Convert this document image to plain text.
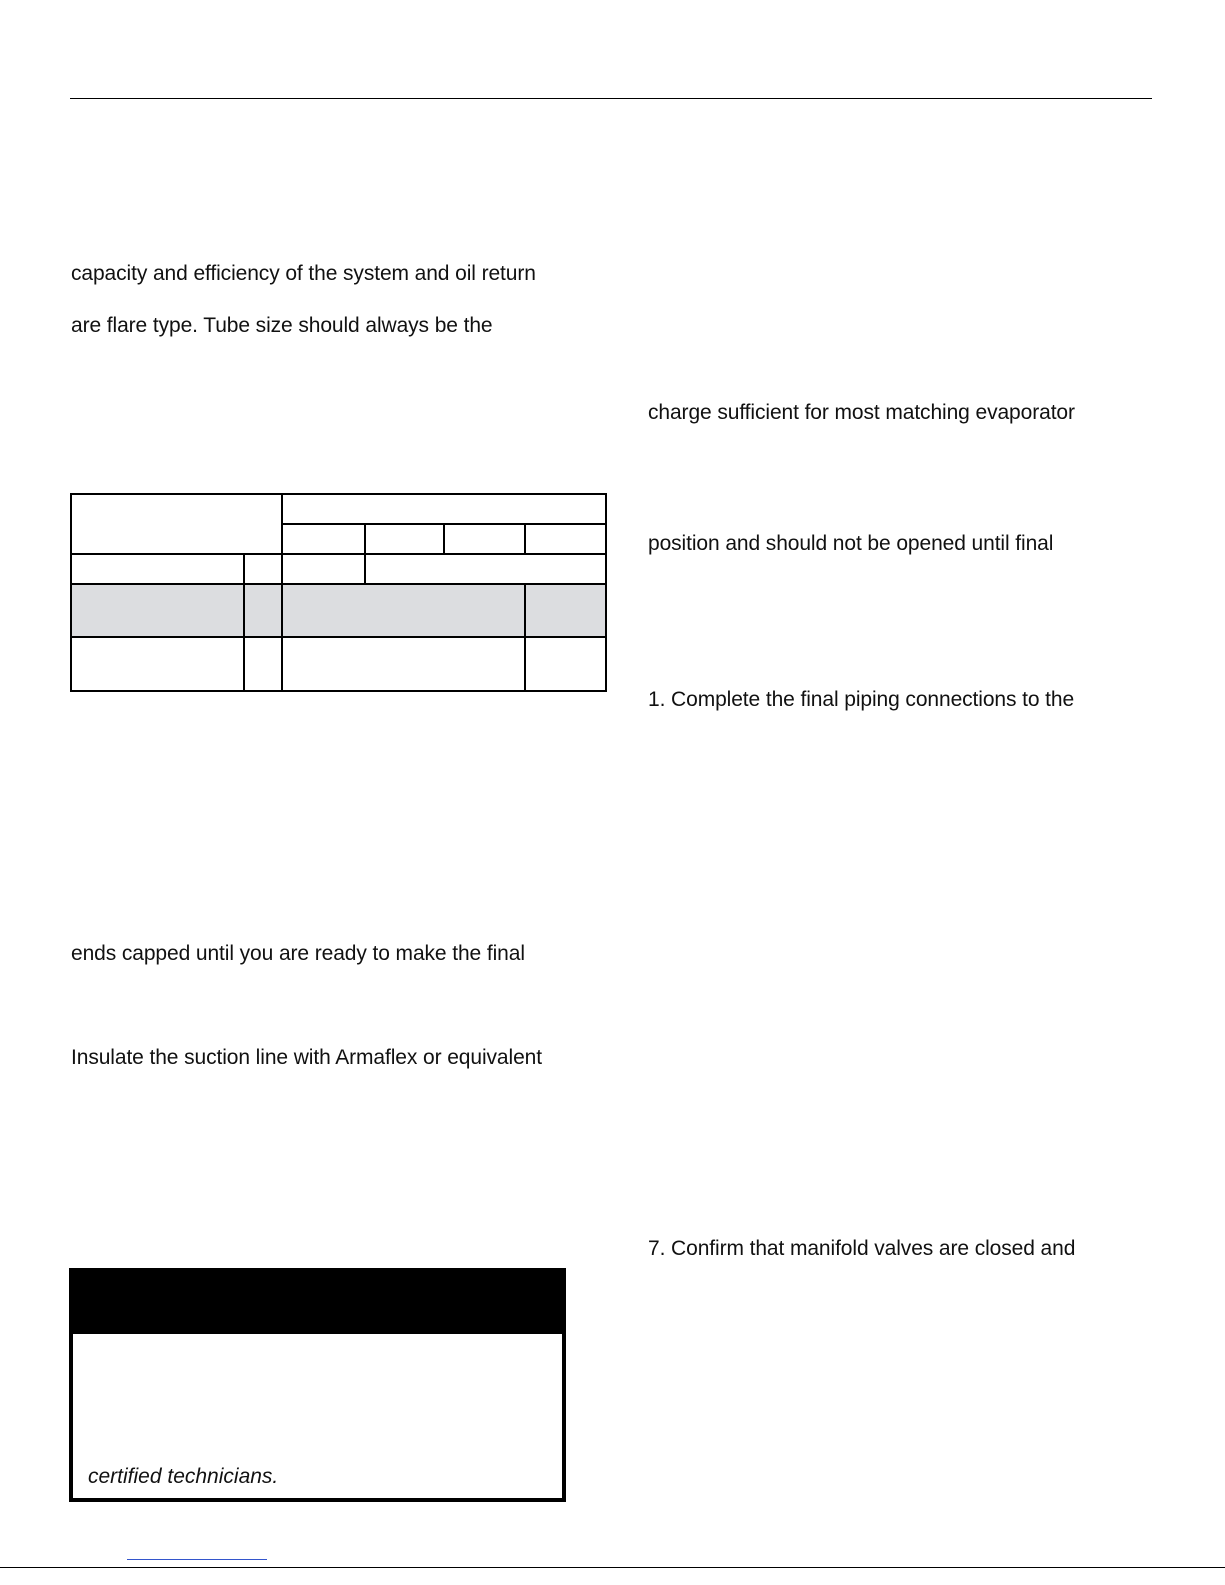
capacity and efficiency of the system and oil return
are flare type. Tube size should always be the
ends capped until you are ready to make the final
Insulate the suction line with Armaflex or equivalent
certified technicians.
charge sufficient for most matching evaporator
position and should not be opened until final
1. Complete the final piping connections to the
7. Confirm that manifold valves are closed and
